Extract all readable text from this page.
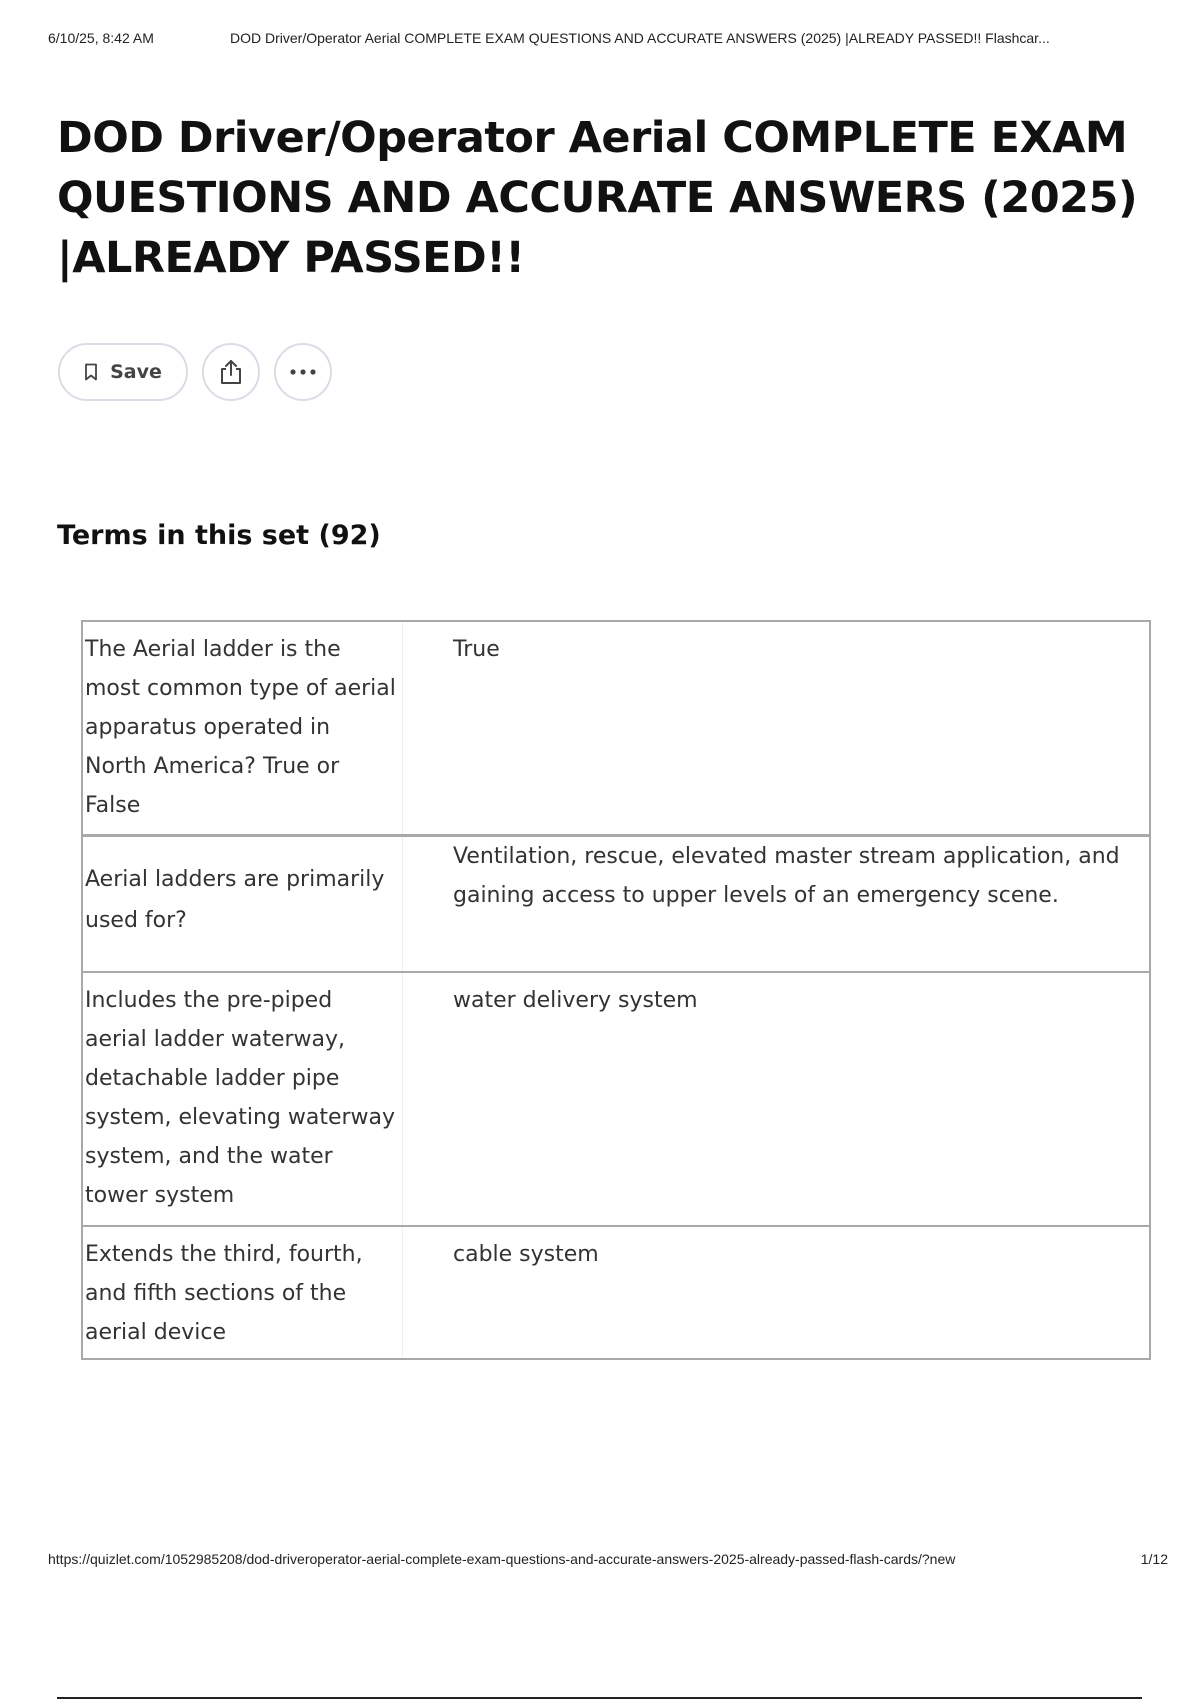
6/10/25, 8:42 AM	DOD Driver/Operator Aerial COMPLETE EXAM QUESTIONS AND ACCURATE ANSWERS (2025) |ALREADY PASSED!! Flashcar...
DOD Driver/Operator Aerial COMPLETE EXAM QUESTIONS AND ACCURATE ANSWERS (2025) |ALREADY PASSED!!
Save
Terms in this set (92)
The Aerial ladder is the most common type of aerial apparatus operated in North America? True or False
True
Aerial ladders are primarily used for?
Ventilation, rescue, elevated master stream application, and gaining access to upper levels of an emergency scene.
Includes the pre-piped aerial ladder waterway, detachable ladder pipe system, elevating waterway system, and the water tower system
water delivery system
Extends the third, fourth, and fifth sections of the aerial device
cable system
https://quizlet.com/1052985208/dod-driveroperator-aerial-complete-exam-questions-and-accurate-answers-2025-already-passed-flash-cards/?new	1/12
